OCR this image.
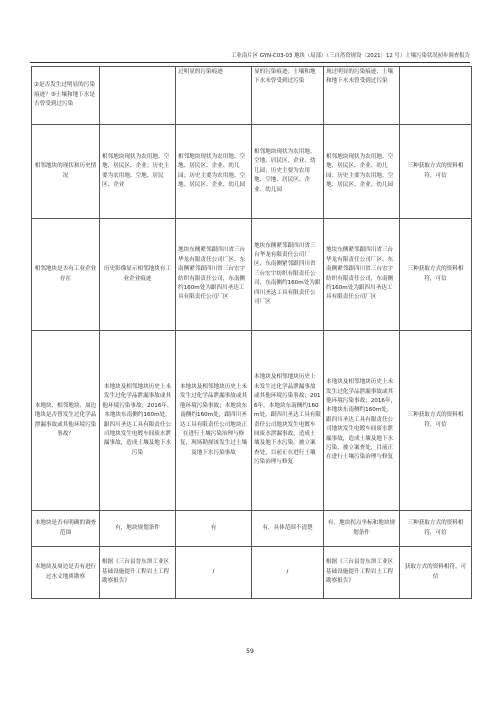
工业南片区 GYN-C03-03 地块（局部）（三自然资规设〔2021〕12 号）土壤污染状况初步调查报告
②是否发生过明显的污染痕迹？③土壤和地下水是否曾受到过污染		过明显的污染痕迹	显的污染痕迹；土壤和地下水未曾受到过污染	现过明显的污染痕迹；土壤和地下水未曾受到过污染	
相邻地块的现状和历史情况	相邻地块现状为农用地、空地、居民区、企业；历史主要为农用地、空地、居民区、企业	相邻地块现状为农用地、空地、居民区、企业、幼儿园；历史主要为农用地、空地、居民区、企业、幼儿园	相邻地块现状为农用地、空地、居民区、企业、幼儿园；历史主要为农用地、空地、居民区、企业、幼儿园	相邻地块现状为农用地、空地、居民区、企业、幼儿园；历史主要为农用地、空地、居民区、企业、幼儿园	三种获取方式的资料相符，可信
相邻地块是否有工业企业存在	历史影像显示相邻地块有工业企业痕迹	地块东侧紧邻跟四川省三台华龙有限责任公司厂区、东南侧紧邻跟四川省三台宏宇纺织有限责任公司，东南侧约160m处为跟四川圣达工具有限责任公司厂区	地块东侧紧邻跟四川省三台华龙有限责任公司厂区、东南侧紧邻跟四川省三台宏宇纺织有限责任公司，东南侧约160m处为跟四川圣达工具有限责任公司厂区	地块东侧紧邻跟四川省三台华龙有限责任公司厂区、东南侧紧邻跟四川省三台宏宇纺织有限责任公司，东南侧约160m处为跟四川圣达工具有限责任公司厂区	三种获取方式的资料相符，可信
本地块、相邻地块、周边地块是否曾发生过化学品泄漏事故或其他环境污染事故？	本地块及相邻地块历史上未发生过化学品泄漏事故或其他环境污染事故；2016年，本地块东南侧约160m处，跟四川圣达工具有限责任公司地块发生电镀车间废水泄漏事故，造成土壤及地下水污染	本地块及相邻地块历史上未发生过化学品泄漏事故或其他环境污染事故；本地块东南侧约160m处，跟四川圣达工具有限责任公司地块正在进行土壤污染治理与修复，现场勘探该发生过土壤及地下水污染事故	本地块及相邻地块历史上未发生过化学品泄漏事故或其他环境污染事故；2016年，本地块东南侧约160m处，跟四川圣达工具有限责任公司地块发生电镀车间废水泄漏事故，造成土壤及地下水污染，被立案查处，目前正在进行土壤污染治理与修复	本地块及相邻地块历史上未发生过化学品泄漏事故或其他环境污染事故；2016年，本地块东南侧约160m处，跟四川圣达工具有限责任公司地块发生电镀车间废水泄漏事故，造成土壤及地下水污染，被立案查处，目前正在进行土壤污染治理与修复	三种获取方式的资料相符，可信
本地块是否有明确的调查范围	有，地块规划条件	有	有，具体范围不清楚	有，地块拐点坐标和地块规划条件	三种获取方式的资料相符，可信
本地块及周边是否有进行过水文地质勘察	根据《三台县晋东坝工业区基础设施提升工程岩土工程勘察报告》	/	/	根据《三台县晋东坝工业区基础设施提升工程岩土工程勘察报告》	获取方式的资料相符，可信
59
